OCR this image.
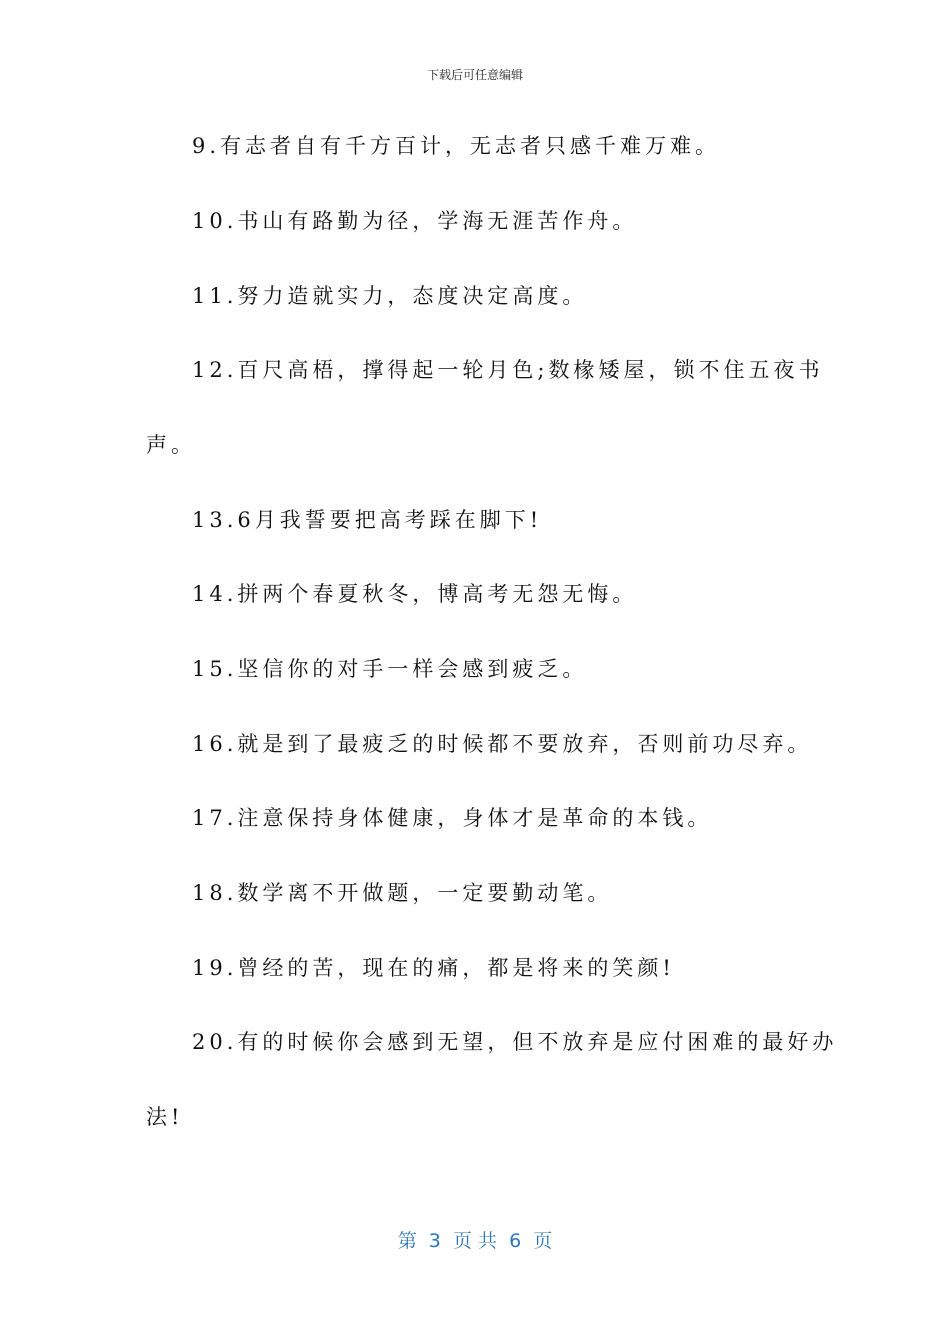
下载后可任意编辑
9.有志者自有千方百计，无志者只感千难万难。
10.书山有路勤为径，学海无涯苦作舟。
11.努力造就实力，态度决定高度。
12.百尺高梧，撑得起一轮月色;数椽矮屋，锁不住五夜书
声。
13.6月我誓要把高考踩在脚下!
14.拼两个春夏秋冬，博高考无怨无悔。
15.坚信你的对手一样会感到疲乏。
16.就是到了最疲乏的时候都不要放弃，否则前功尽弃。
17.注意保持身体健康，身体才是革命的本钱。
18.数学离不开做题，一定要勤动笔。
19.曾经的苦，现在的痛，都是将来的笑颜!
20.有的时候你会感到无望，但不放弃是应付困难的最好办
法!
第  3  页 共  6  页
